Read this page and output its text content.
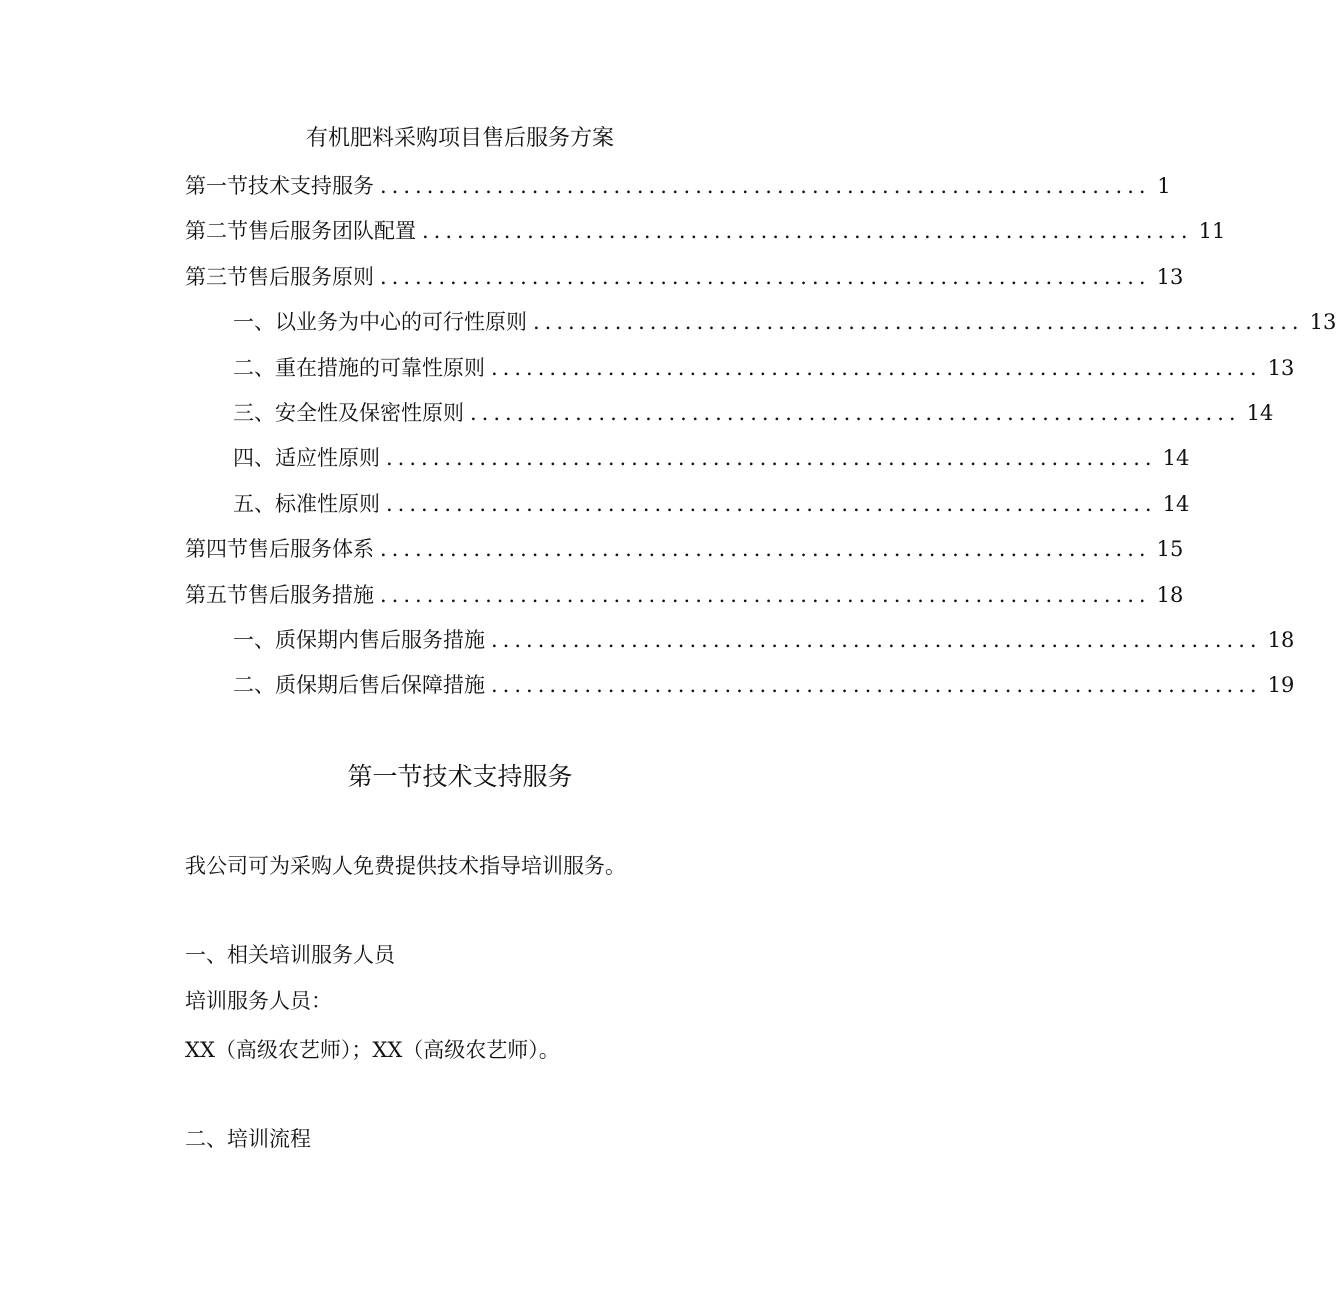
有机肥料采购项目售后服务方案
第一节技术支持服务 .................................................................. 1
第二节售后服务团队配置 .................................................................. 11
第三节售后服务原则 .................................................................. 13
一、以业务为中心的可行性原则 .................................................................. 13
二、重在措施的可靠性原则 .................................................................. 13
三、安全性及保密性原则 .................................................................. 14
四、适应性原则 .................................................................. 14
五、标准性原则 .................................................................. 14
第四节售后服务体系 .................................................................. 15
第五节售后服务措施 .................................................................. 18
一、质保期内售后服务措施 .................................................................. 18
二、质保期后售后保障措施 .................................................................. 19
第一节技术支持服务
我公司可为采购人免费提供技术指导培训服务。
一、相关培训服务人员
培训服务人员：
XX（高级农艺师）；XX（高级农艺师）。
二、培训流程
